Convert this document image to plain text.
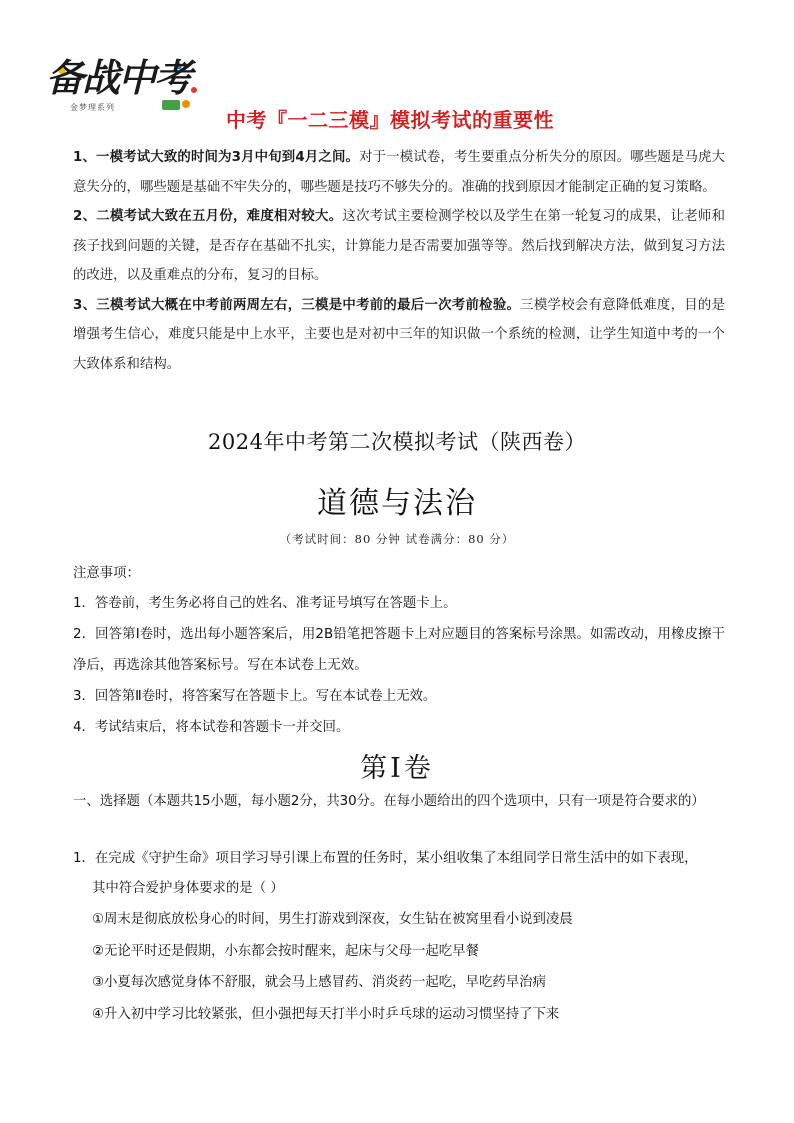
备战中考
金梦理系列
中考『一二三模』模拟考试的重要性

1、一模考试大致的时间为3月中旬到4月之间。对于一模试卷，考生要重点分析失分的原因。哪些题是马虎大意失分的，哪些题是基础不牢失分的，哪些题是技巧不够失分的。准确的找到原因才能制定正确的复习策略。

2、二模考试大致在五月份，难度相对较大。这次考试主要检测学校以及学生在第一轮复习的成果，让老师和孩子找到问题的关键，是否存在基础不扎实，计算能力是否需要加强等等。然后找到解决方法，做到复习方法的改进，以及重难点的分布，复习的目标。

3、三模考试大概在中考前两周左右，三模是中考前的最后一次考前检验。三模学校会有意降低难度，目的是增强考生信心，难度只能是中上水平，主要也是对初中三年的知识做一个系统的检测，让学生知道中考的一个大致体系和结构。

2024年中考第二次模拟考试（陕西卷）
道德与法治
（考试时间：80 分钟 试卷满分：80 分）

注意事项：

1．答卷前，考生务必将自己的姓名、准考证号填写在答题卡上。

2．回答第Ⅰ卷时，选出每小题答案后，用2B铅笔把答题卡上对应题目的答案标号涂黑。如需改动，用橡皮擦干净后，再选涂其他答案标号。写在本试卷上无效。

3．回答第Ⅱ卷时，将答案写在答题卡上。写在本试卷上无效。

4．考试结束后，将本试卷和答题卡一并交回。

第Ⅰ卷

一、选择题（本题共15小题，每小题2分，共30分。在每小题给出的四个选项中，只有一项是符合要求的）

1．在完成《守护生命》项目学习导引课上布置的任务时，某小组收集了本组同学日常生活中的如下表现，

其中符合爱护身体要求的是（ ）

①周末是彻底放松身心的时间，男生打游戏到深夜，女生钻在被窝里看小说到凌晨

②无论平时还是假期，小东都会按时醒来，起床与父母一起吃早餐

③小夏每次感觉身体不舒服，就会马上感冒药、消炎药一起吃，早吃药早治病

④升入初中学习比较紧张，但小强把每天打半小时乒乓球的运动习惯坚持了下来
